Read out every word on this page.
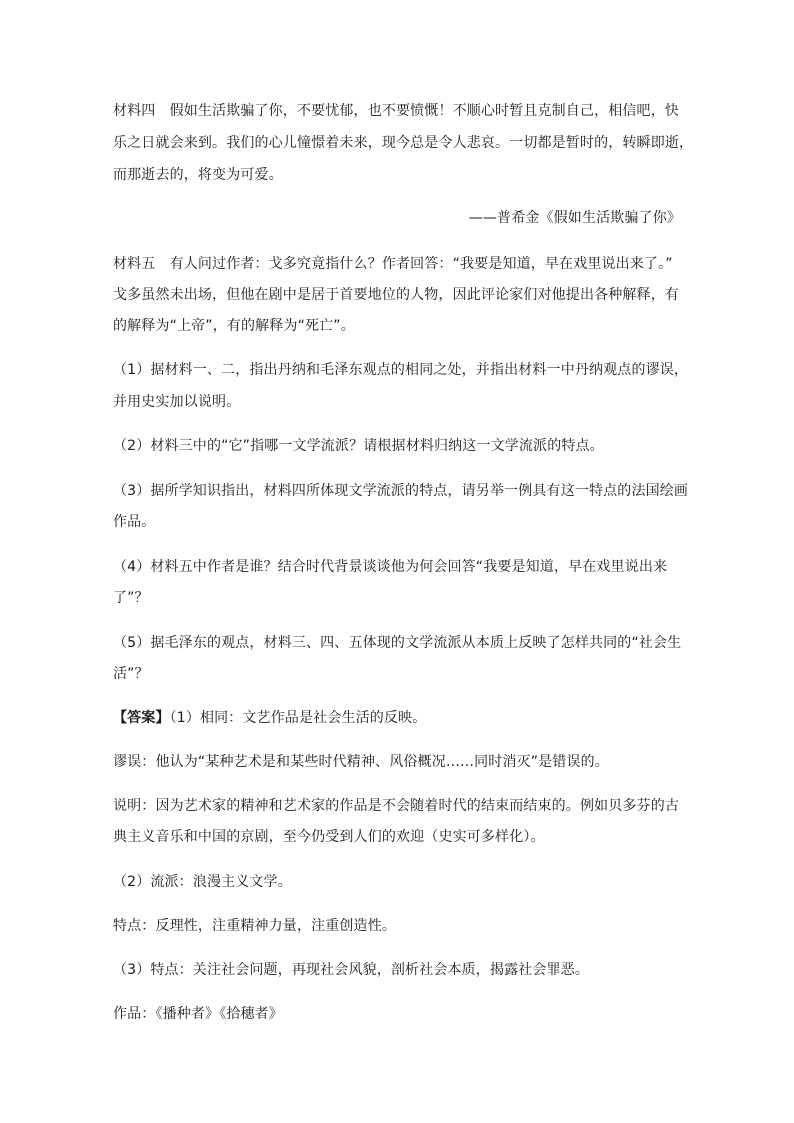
材料四　假如生活欺骗了你，不要忧郁，也不要愤慨！不顺心时暂且克制自己，相信吧，快
乐之日就会来到。我们的心儿憧憬着未来，现今总是令人悲哀。一切都是暂时的，转瞬即逝，
而那逝去的，将变为可爱。
——普希金《假如生活欺骗了你》
材料五　有人问过作者：戈多究竟指什么？作者回答：“我要是知道，早在戏里说出来了。”
戈多虽然未出场，但他在剧中是居于首要地位的人物，因此评论家们对他提出各种解释，有
的解释为“上帝”，有的解释为“死亡”。
（1）据材料一、二，指出丹纳和毛泽东观点的相同之处，并指出材料一中丹纳观点的谬误，
并用史实加以说明。
（2）材料三中的“它”指哪一文学流派？请根据材料归纳这一文学流派的特点。
（3）据所学知识指出，材料四所体现文学流派的特点，请另举一例具有这一特点的法国绘画
作品。
（4）材料五中作者是谁？结合时代背景谈谈他为何会回答“我要是知道，早在戏里说出来
了”？
（5）据毛泽东的观点，材料三、四、五体现的文学流派从本质上反映了怎样共同的“社会生
活”？
【答案】（1）相同：文艺作品是社会生活的反映。
谬误：他认为“某种艺术是和某些时代精神、风俗概况……同时消灭”是错误的。
说明：因为艺术家的精神和艺术家的作品是不会随着时代的结束而结束的。例如贝多芬的古
典主义音乐和中国的京剧，至今仍受到人们的欢迎（史实可多样化）。
（2）流派：浪漫主义文学。
特点：反理性，注重精神力量，注重创造性。
（3）特点：关注社会问题，再现社会风貌，剖析社会本质，揭露社会罪恶。
作品：《播种者》《拾穗者》
